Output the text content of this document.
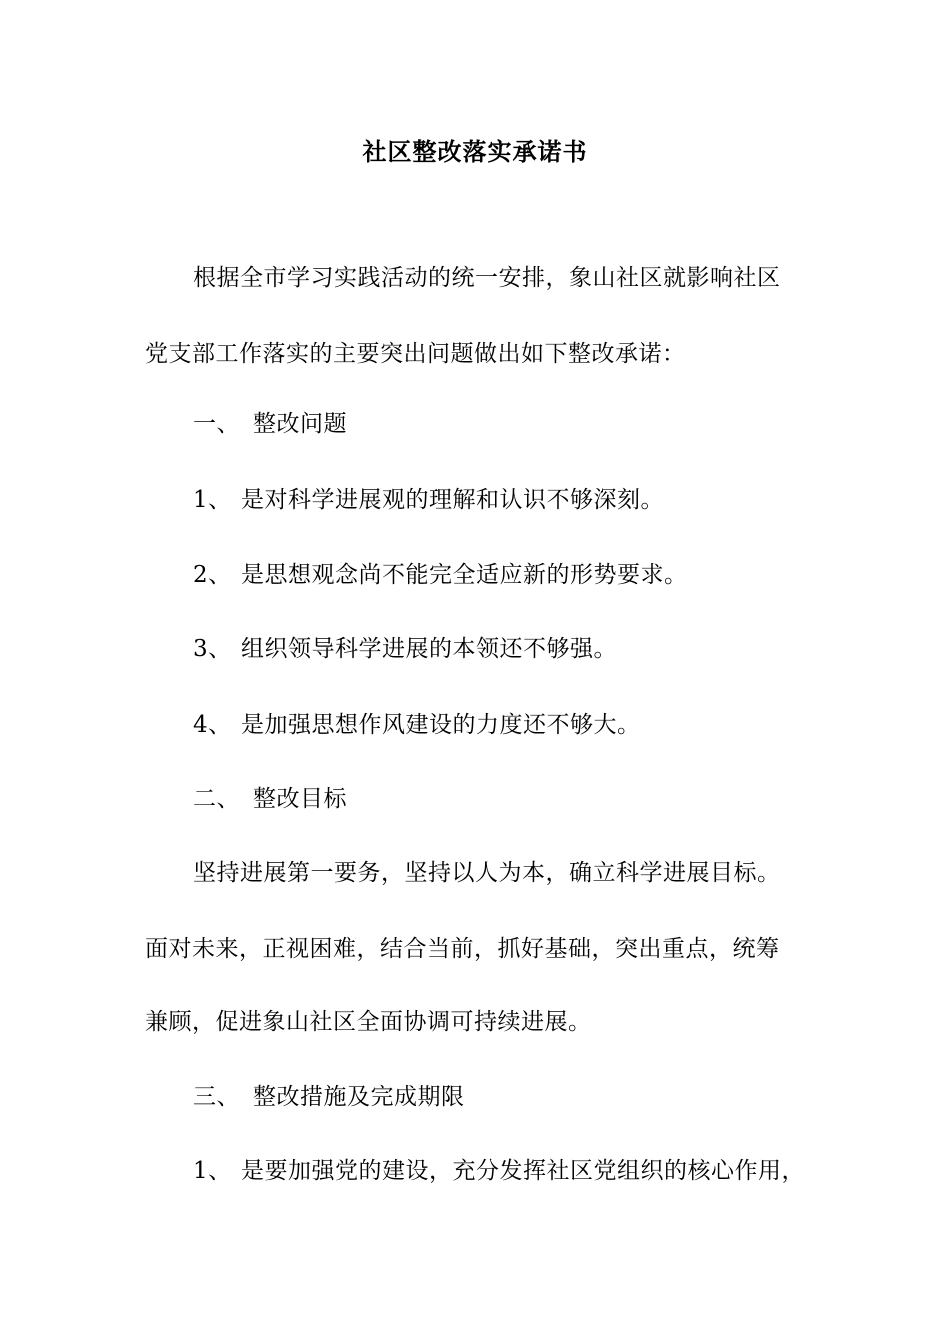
社区整改落实承诺书
根据全市学习实践活动的统一安排，象山社区就影响社区
党支部工作落实的主要突出问题做出如下整改承诺：
一、 整改问题
1、 是对科学进展观的理解和认识不够深刻。
2、 是思想观念尚不能完全适应新的形势要求。
3、 组织领导科学进展的本领还不够强。
4、 是加强思想作风建设的力度还不够大。
二、 整改目标
坚持进展第一要务，坚持以人为本，确立科学进展目标。
面对未来，正视困难，结合当前，抓好基础，突出重点，统筹
兼顾，促进象山社区全面协调可持续进展。
三、 整改措施及完成期限
1、 是要加强党的建设，充分发挥社区党组织的核心作用，
